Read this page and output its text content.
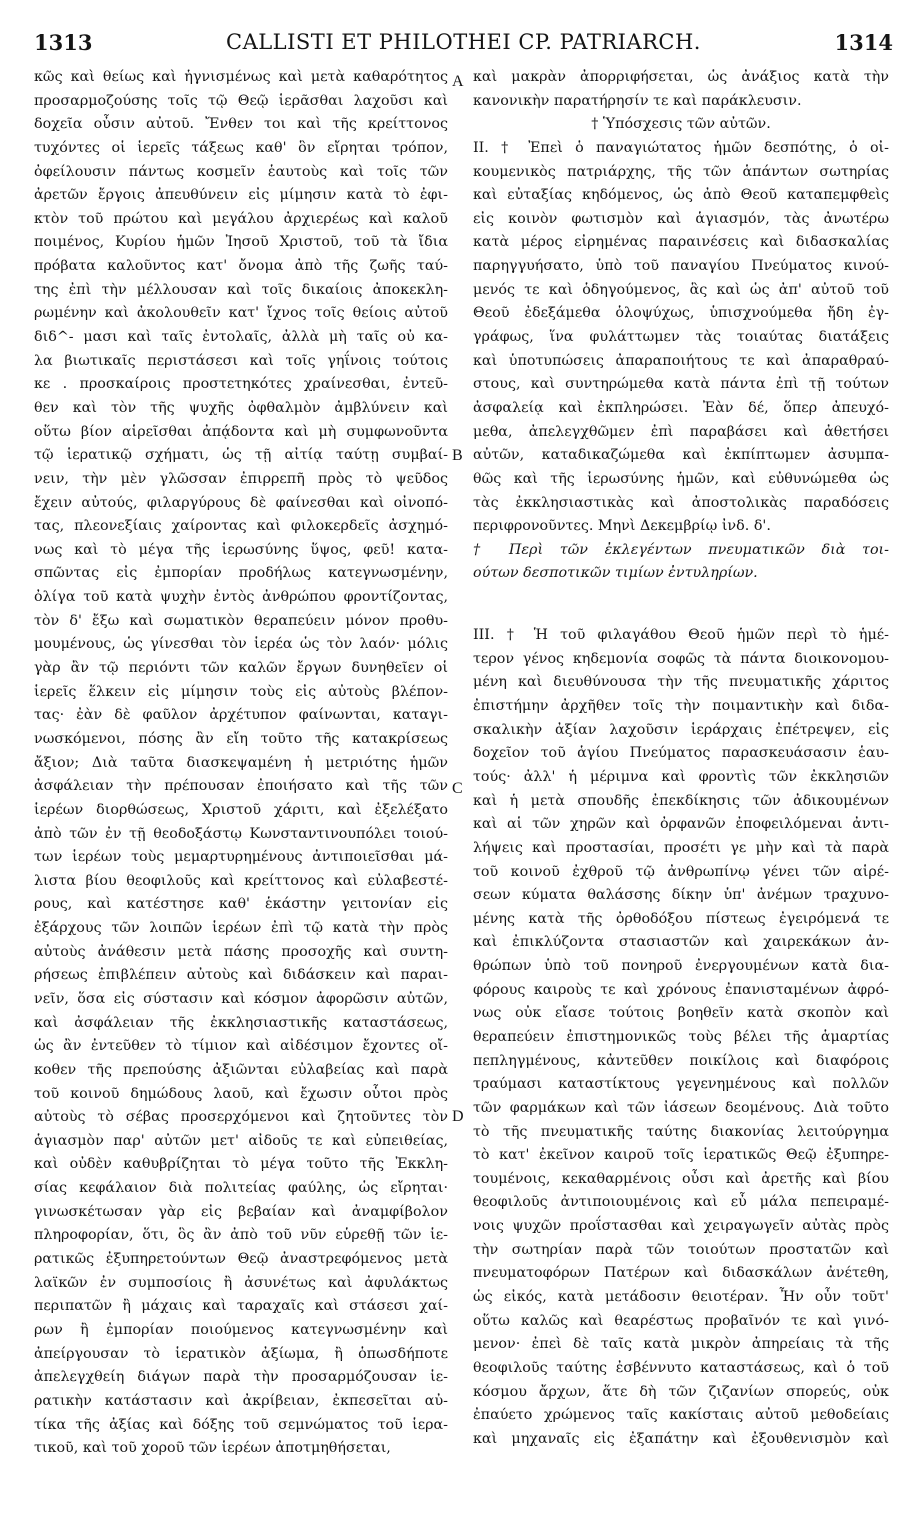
1313	CALLISTI ET PHILOTHEI CP. PATRIARCH.	1314
A
B
C
D
κῶς καὶ θείως καὶ ἡγνισμένως καὶ μετὰ καθαρότητος
προσαρμοζούσης τοῖς τῷ Θεῷ ἱερᾶσθαι λαχοῦσι καὶ
δοχεῖα οὖσιν αὐτοῦ. Ἔνθεν τοι καὶ τῆς κρείττονος
τυχόντες οἱ ἱερεῖς τάξεως καθ' ὃν εἴρηται τρόπον,
ὀφείλουσιν πάντως κοσμεῖν ἑαυτοὺς καὶ τοῖς τῶν
ἀρετῶν ἔργοις ἀπευθύνειν εἰς μίμησιν κατὰ τὸ ἐφι-
κτὸν τοῦ πρώτου καὶ μεγάλου ἀρχιερέως καὶ καλοῦ
ποιμένος, Κυρίου ἡμῶν Ἰησοῦ Χριστοῦ, τοῦ τὰ ἴδια
πρόβατα καλοῦντος κατ' ὄνομα ἀπὸ τῆς ζωῆς ταύ-
της ἐπὶ τὴν μέλλουσαν καὶ τοῖς δικαίοις ἀποκεκλη-
ρωμένην καὶ ἀκολουθεῖν κατ' ἴχνος τοῖς θείοις αὐτοῦ
διδ^- μασι καὶ ταῖς ἐντολαῖς, ἀλλὰ μὴ ταῖς οὐ κα-
λα βιωτικαῖς περιστάσεσι καὶ τοῖς γηΐνοις τούτοις
κε . προσκαίροις προστετηκότες χραίνεσθαι, ἐντεῦ-
θεν καὶ τὸν τῆς ψυχῆς ὀφθαλμὸν ἀμβλύνειν καὶ
οὕτω βίον αἱρεῖσθαι ἀπᾴδοντα καὶ μὴ συμφωνοῦντα
τῷ ἱερατικῷ σχήματι, ὡς τῇ αἰτίᾳ ταύτῃ συμβαί-
νειν, τὴν μὲν γλῶσσαν ἐπιρρεπῆ πρὸς τὸ ψεῦδος
ἔχειν αὐτούς, φιλαργύρους δὲ φαίνεσθαι καὶ οἰνοπό-
τας, πλεονεξίαις χαίροντας καὶ φιλοκερδεῖς ἀσχημό-
νως καὶ τὸ μέγα τῆς ἱερωσύνης ὕψος, φεῦ! κατα-
σπῶντας εἰς ἐμπορίαν προδήλως κατεγνωσμένην,
ὀλίγα τοῦ κατὰ ψυχὴν ἐντὸς ἀνθρώπου φροντίζοντας,
τὸν δ' ἔξω καὶ σωματικὸν θεραπεύειν μόνον προθυ-
μουμένους, ὡς γίνεσθαι τὸν ἱερέα ὡς τὸν λαόν· μόλις
γὰρ ἂν τῷ περιόντι τῶν καλῶν ἔργων δυνηθεῖεν οἱ
ἱερεῖς ἕλκειν εἰς μίμησιν τοὺς εἰς αὐτοὺς βλέπον-
τας· ἐὰν δὲ φαῦλον ἀρχέτυπον φαίνωνται, καταγι-
νωσκόμενοι, πόσης ἂν εἴη τοῦτο τῆς κατακρίσεως
ἄξιον; Διὰ ταῦτα διασκεψαμένη ἡ μετριότης ἡμῶν
ἀσφάλειαν τὴν πρέπουσαν ἐποιήσατο καὶ τῆς τῶν
ἱερέων διορθώσεως, Χριστοῦ χάριτι, καὶ ἐξελέξατο
ἀπὸ τῶν ἐν τῇ θεοδοξάστῳ Κωνσταντινουπόλει τοιού-
των ἱερέων τοὺς μεμαρτυρημένους ἀντιποιεῖσθαι μά-
λιστα βίου θεοφιλοῦς καὶ κρείττονος καὶ εὐλαβεστέ-
ρους, καὶ κατέστησε καθ' ἑκάστην γειτονίαν εἰς
ἐξάρχους τῶν λοιπῶν ἱερέων ἐπὶ τῷ κατὰ τὴν πρὸς
αὐτοὺς ἀνάθεσιν μετὰ πάσης προσοχῆς καὶ συντη-
ρήσεως ἐπιβλέπειν αὐτοὺς καὶ διδάσκειν καὶ παραι-
νεῖν, ὅσα εἰς σύστασιν καὶ κόσμον ἀφορῶσιν αὐτῶν,
καὶ ἀσφάλειαν τῆς ἐκκλησιαστικῆς καταστάσεως,
ὡς ἂν ἐντεῦθεν τὸ τίμιον καὶ αἰδέσιμον ἔχοντες οἴ-
κοθεν τῆς πρεπούσης ἀξιῶνται εὐλαβείας καὶ παρὰ
τοῦ κοινοῦ δημώδους λαοῦ, καὶ ἔχωσιν οὗτοι πρὸς
αὐτοὺς τὸ σέβας προσερχόμενοι καὶ ζητοῦντες τὸν
ἁγιασμὸν παρ' αὐτῶν μετ' αἰδοῦς τε καὶ εὐπειθείας,
καὶ οὐδὲν καθυβρίζηται τὸ μέγα τοῦτο τῆς Ἐκκλη-
σίας κεφάλαιον διὰ πολιτείας φαύλης, ὡς εἴρηται·
γινωσκέτωσαν γὰρ εἰς βεβαίαν καὶ ἀναμφίβολον
πληροφορίαν, ὅτι, ὃς ἂν ἀπὸ τοῦ νῦν εὑρεθῇ τῶν ἱε-
ρατικῶς ἐξυπηρετούντων Θεῷ ἀναστρεφόμενος μετὰ
λαϊκῶν ἐν συμποσίοις ἢ ἀσυνέτως καὶ ἀφυλάκτως
περιπατῶν ἢ μάχαις καὶ ταραχαῖς καὶ στάσεσι χαί-
ρων ἢ ἐμπορίαν ποιούμενος κατεγνωσμένην καὶ
ἀπείργουσαν τὸ ἱερατικὸν ἀξίωμα, ἢ ὁπωσδήποτε
ἀπελεγχθείη διάγων παρὰ τὴν προσαρμόζουσαν ἱε-
ρατικὴν κατάστασιν καὶ ἀκρίβειαν, ἐκπεσεῖται αὐ-
τίκα τῆς ἀξίας καὶ δόξης τοῦ σεμνώματος τοῦ ἱερα-
τικοῦ, καὶ τοῦ χοροῦ τῶν ἱερέων ἀποτμηθήσεται,
καὶ μακρὰν ἀπορριφήσεται, ὡς ἀνάξιος κατὰ τὴν
κανονικὴν παρατήρησίν τε καὶ παράκλευσιν.
† Ὑπόσχεσις τῶν αὐτῶν.
II. † Ἐπεὶ ὁ παναγιώτατος ἡμῶν δεσπότης, ὁ οἰ-
κουμενικὸς πατριάρχης, τῆς τῶν ἁπάντων σωτηρίας
καὶ εὐταξίας κηδόμενος, ὡς ἀπὸ Θεοῦ καταπεμφθεὶς
εἰς κοινὸν φωτισμὸν καὶ ἁγιασμόν, τὰς ἀνωτέρω
κατὰ μέρος εἰρημένας παραινέσεις καὶ διδασκαλίας
παρηγγυήσατο, ὑπὸ τοῦ παναγίου Πνεύματος κινού-
μενός τε καὶ ὁδηγούμενος, ἃς καὶ ὡς ἀπ' αὐτοῦ τοῦ
Θεοῦ ἐδεξάμεθα ὁλοψύχως, ὑπισχνούμεθα ἤδη ἐγ-
γράφως, ἵνα φυλάττωμεν τὰς τοιαύτας διατάξεις
καὶ ὑποτυπώσεις ἀπαραποιήτους τε καὶ ἀπαραθραύ-
στους, καὶ συντηρώμεθα κατὰ πάντα ἐπὶ τῇ τούτων
ἀσφαλείᾳ καὶ ἐκπληρώσει. Ἐὰν δέ, ὅπερ ἀπευχό-
μεθα, ἀπελεγχθῶμεν ἐπὶ παραβάσει καὶ ἀθετήσει
αὐτῶν, καταδικαζώμεθα καὶ ἐκπίπτωμεν ἀσυμπα-
θῶς καὶ τῆς ἱερωσύνης ἡμῶν, καὶ εὐθυνώμεθα ὡς
τὰς ἐκκλησιαστικὰς καὶ ἀποστολικὰς παραδόσεις
περιφρονοῦντες. Μηνὶ Δεκεμβρίῳ ἰνδ. δ'.
† Περὶ τῶν ἐκλεγέντων πνευματικῶν διὰ τοι-
ούτων δεσποτικῶν τιμίων ἐντυληρίων.
III. † Ἡ τοῦ φιλαγάθου Θεοῦ ἡμῶν περὶ τὸ ἡμέ-
τερον γένος κηδεμονία σοφῶς τὰ πάντα διοικονομου-
μένη καὶ διευθύνουσα τὴν τῆς πνευματικῆς χάριτος
ἐπιστήμην ἀρχῆθεν τοῖς τὴν ποιμαντικὴν καὶ διδα-
σκαλικὴν ἀξίαν λαχοῦσιν ἱεράρχαις ἐπέτρεψεν, εἰς
δοχεῖον τοῦ ἁγίου Πνεύματος παρασκευάσασιν ἑαυ-
τούς· ἀλλ' ἡ μέριμνα καὶ φροντὶς τῶν ἐκκλησιῶν
καὶ ἡ μετὰ σπουδῆς ἐπεκδίκησις τῶν ἀδικουμένων
καὶ αἱ τῶν χηρῶν καὶ ὀρφανῶν ἐποφειλόμεναι ἀντι-
λήψεις καὶ προστασίαι, προσέτι γε μὴν καὶ τὰ παρὰ
τοῦ κοινοῦ ἐχθροῦ τῷ ἀνθρωπίνῳ γένει τῶν αἱρέ-
σεων κύματα θαλάσσης δίκην ὑπ' ἀνέμων τραχυνο-
μένης κατὰ τῆς ὀρθοδόξου πίστεως ἐγειρόμενά τε
καὶ ἐπικλύζοντα στασιαστῶν καὶ χαιρεκάκων ἀν-
θρώπων ὑπὸ τοῦ πονηροῦ ἐνεργουμένων κατὰ δια-
φόρους καιροὺς τε καὶ χρόνους ἐπανισταμένων ἀφρό-
νως οὐκ εἴασε τούτοις βοηθεῖν κατὰ σκοπὸν καὶ
θεραπεύειν ἐπιστημονικῶς τοὺς βέλει τῆς ἁμαρτίας
πεπληγμένους, κἀντεῦθεν ποικίλοις καὶ διαφόροις
τραύμασι καταστίκτους γεγενημένους καὶ πολλῶν
τῶν φαρμάκων καὶ τῶν ἰάσεων δεομένους. Διὰ τοῦτο
τὸ τῆς πνευματικῆς ταύτης διακονίας λειτούργημα
τὸ κατ' ἐκεῖνον καιροῦ τοῖς ἱερατικῶς Θεῷ ἐξυπηρε-
τουμένοις, κεκαθαρμένοις οὖσι καὶ ἀρετῆς καὶ βίου
θεοφιλοῦς ἀντιποιουμένοις καὶ εὖ μάλα πεπειραμέ-
νοις ψυχῶν προΐστασθαι καὶ χειραγωγεῖν αὐτὰς πρὸς
τὴν σωτηρίαν παρὰ τῶν τοιούτων προστατῶν καὶ
πνευματοφόρων Πατέρων καὶ διδασκάλων ἀνέτεθη,
ὡς εἰκός, κατὰ μετάδοσιν θειοτέραν. Ἦν οὖν τοῦτ'
οὕτω καλῶς καὶ θεαρέστως προβαῖνόν τε καὶ γινό-
μενον· ἐπεὶ δὲ ταῖς κατὰ μικρὸν ἀπηρείαις τὰ τῆς
θεοφιλοῦς ταύτης ἐσβέννυτο καταστάσεως, καὶ ὁ τοῦ
κόσμου ἄρχων, ἅτε δὴ τῶν ζιζανίων σπορεύς, οὐκ
ἐπαύετο χρώμενος ταῖς κακίσταις αὐτοῦ μεθοδείαις
καὶ μηχαναῖς εἰς ἐξαπάτην καὶ ἐξουθενισμὸν καὶ
